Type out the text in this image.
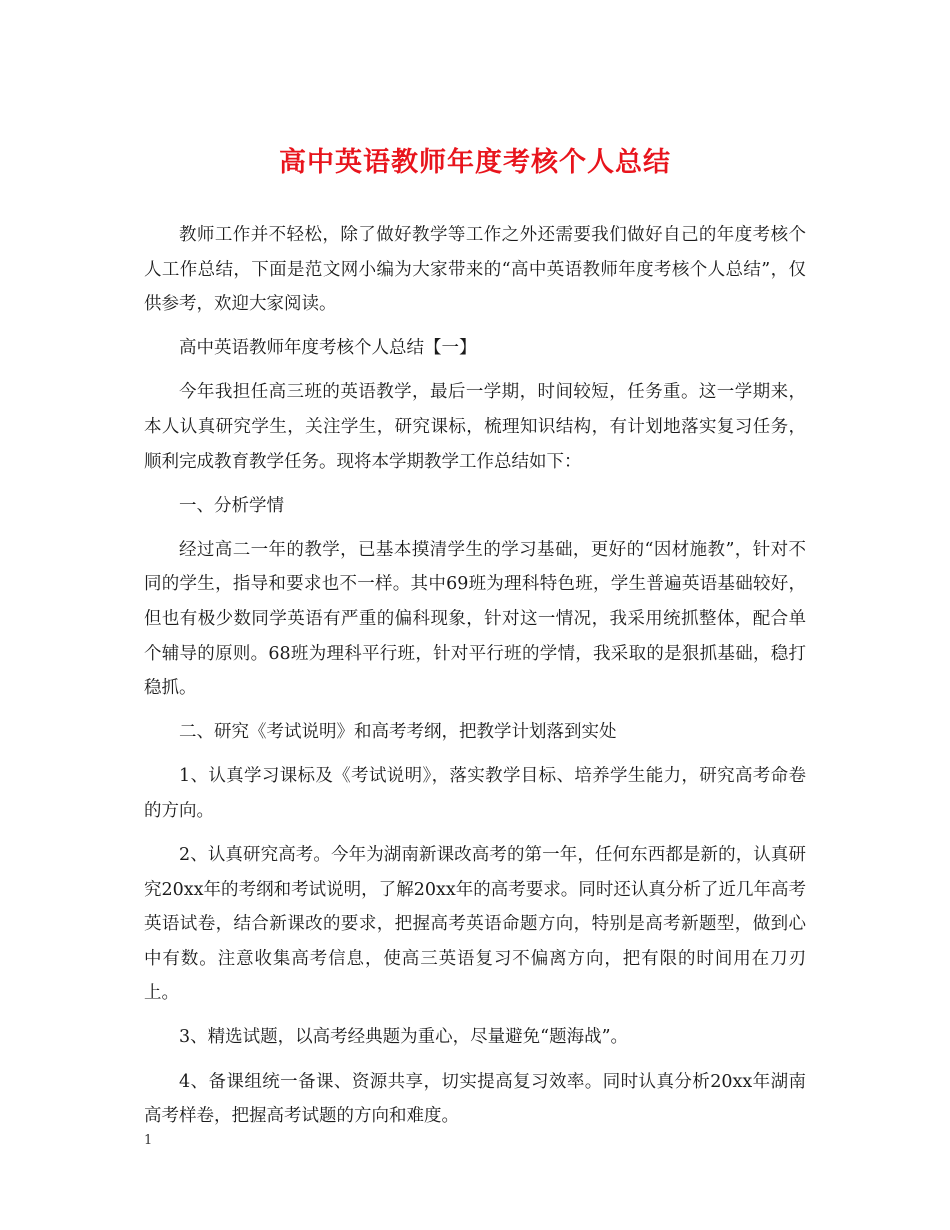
高中英语教师年度考核个人总结

教师工作并不轻松，除了做好教学等工作之外还需要我们做好自己的年度考核个人工作总结，下面是范文网小编为大家带来的“高中英语教师年度考核个人总结”，仅供参考，欢迎大家阅读。

高中英语教师年度考核个人总结【一】

今年我担任高三班的英语教学，最后一学期，时间较短，任务重。这一学期来，本人认真研究学生，关注学生，研究课标，梳理知识结构，有计划地落实复习任务，顺利完成教育教学任务。现将本学期教学工作总结如下：

一、分析学情

经过高二一年的教学，已基本摸清学生的学习基础，更好的“因材施教”，针对不同的学生，指导和要求也不一样。其中69班为理科特色班，学生普遍英语基础较好，但也有极少数同学英语有严重的偏科现象，针对这一情况，我采用统抓整体，配合单个辅导的原则。68班为理科平行班，针对平行班的学情，我采取的是狠抓基础，稳打稳抓。

二、研究《考试说明》和高考考纲，把教学计划落到实处

1、认真学习课标及《考试说明》，落实教学目标、培养学生能力，研究高考命卷的方向。

2、认真研究高考。今年为湖南新课改高考的第一年，任何东西都是新的，认真研究20xx年的考纲和考试说明，了解20xx年的高考要求。同时还认真分析了近几年高考英语试卷，结合新课改的要求，把握高考英语命题方向，特别是高考新题型，做到心中有数。注意收集高考信息，使高三英语复习不偏离方向，把有限的时间用在刀刃上。

3、精选试题，以高考经典题为重心，尽量避免“题海战”。

4、备课组统一备课、资源共享，切实提高复习效率。同时认真分析20xx年湖南高考样卷，把握高考试题的方向和难度。

1
